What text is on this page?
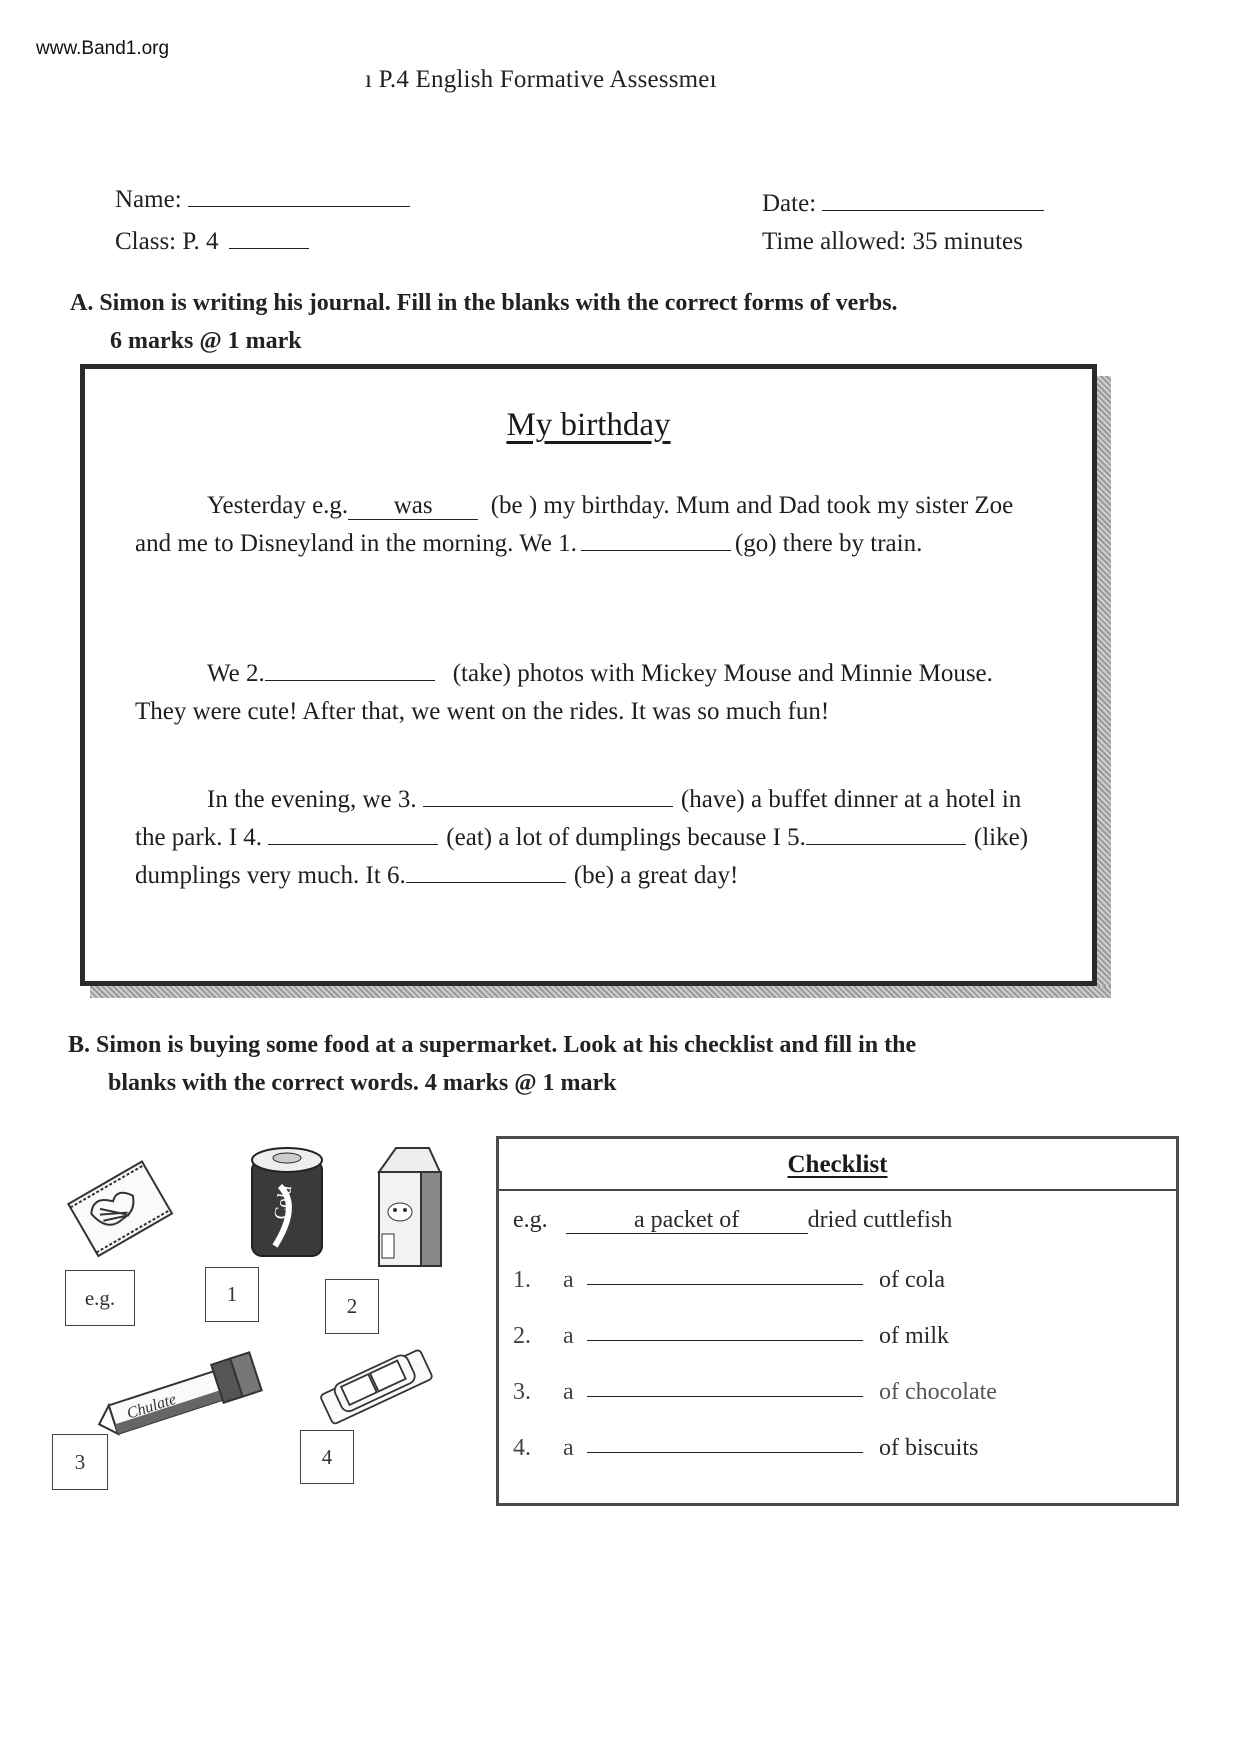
www.Band1.org
ı P.4 English Formative Assessmeı
Name:
Class: P. 4
Date:
Time allowed: 35 minutes
A. Simon is writing his journal. Fill in the blanks with the correct forms of verbs.
6 marks @ 1 mark
My birthday
Yesterday e.g. was (be ) my birthday. Mum and Dad took my sister Zoe and me to Disneyland in the morning. We 1.	(go) there by train.
We 2.	(take) photos with Mickey Mouse and Minnie Mouse. They were cute! After that, we went on the rides. It was so much fun!
In the evening, we 3.	(have) a buffet dinner at a hotel in the park. I 4.	(eat) a lot of dumplings because I 5.	(like) dumplings very much. It 6.	(be) a great day!
B. Simon is buying some food at a supermarket. Look at his checklist and fill in the
blanks with the correct words. 4 marks @ 1 mark
e.g.
Cola
1	2
Chulate
3	4
Checklist
e.g.	a packet of	dried cuttlefish
1. a	of cola
2. a	of milk
3. a	of chocolate
4. a	of biscuits
